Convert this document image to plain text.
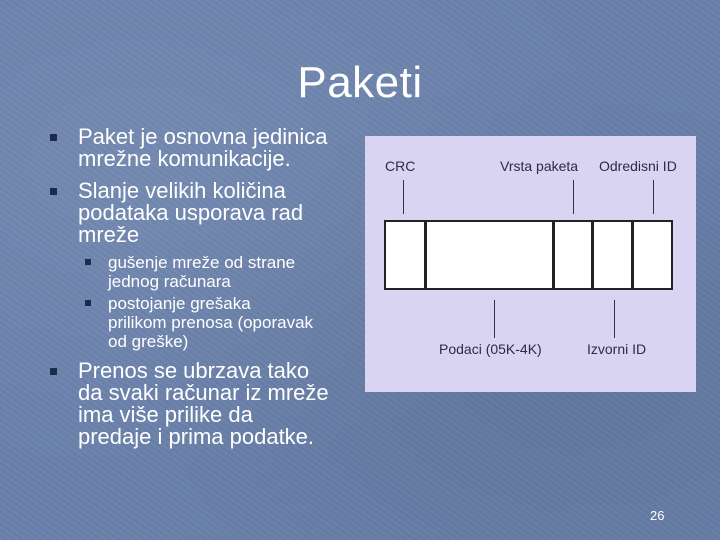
Paketi
Paket je osnovna jedinica
mrežne komunikacije.
Slanje velikih količina
podataka usporava rad
mreže
gušenje mreže od strane
jednog računara
postojanje grešaka
prilikom prenosa (oporavak
od greške)
Prenos se ubrzava tako
da svaki računar iz mreže
ima više prilike da
predaje i prima podatke.
CRC	Vrsta paketa Odredisni ID
Podaci (05K-4K)	Izvorni ID
26
